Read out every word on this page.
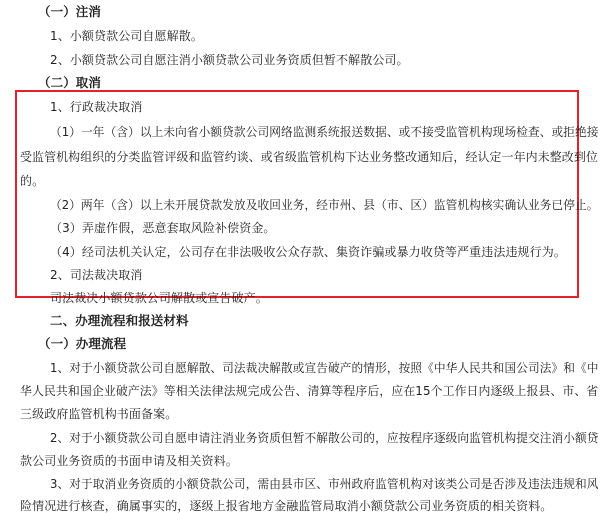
（一）注消
1、小额贷款公司自愿解散。
2、小额贷款公司自愿注消小额贷款公司业务资质但暂不解散公司。
（二）取消
1、行政裁决取消
（1）一年（含）以上未向省小额贷款公司网络监测系统报送数据、或不接受监管机构现场检查、或拒绝接
受监管机构组织的分类监管评级和监管约谈、或省级监管机构下达业务整改通知后，经认定一年内未整改到位
的。
（2）两年（含）以上未开展贷款发放及收回业务，经市州、县（市、区）监管机构核实确认业务已停止。
（3）弄虚作假，恶意套取风险补偿资金。
（4）经司法机关认定，公司存在非法吸收公众存款、集资诈骗或暴力收贷等严重违法违规行为。
2、司法裁决取消
司法裁决小额贷款公司解散或宣告破产。
二、办理流程和报送材料
（一）办理流程
1、对于小额贷款公司自愿解散、司法裁决解散或宣告破产的情形，按照《中华人民共和国公司法》和《中
华人民共和国企业破产法》等相关法律法规完成公告、清算等程序后，应在15个工作日内逐级上报县、市、省
三级政府监管机构书面备案。
2、对于小额贷款公司自愿申请注消业务资质但暂不解散公司的，应按程序逐级向监管机构提交注消小额贷
款公司业务资质的书面申请及相关资料。
3、对于取消业务资质的小额贷款公司，需由县市区、市州政府监管机构对该类公司是否涉及违法违规和风
险情况进行核查，确属事实的，逐级上报省地方金融监管局取消小额贷款公司业务资质的相关资料。
